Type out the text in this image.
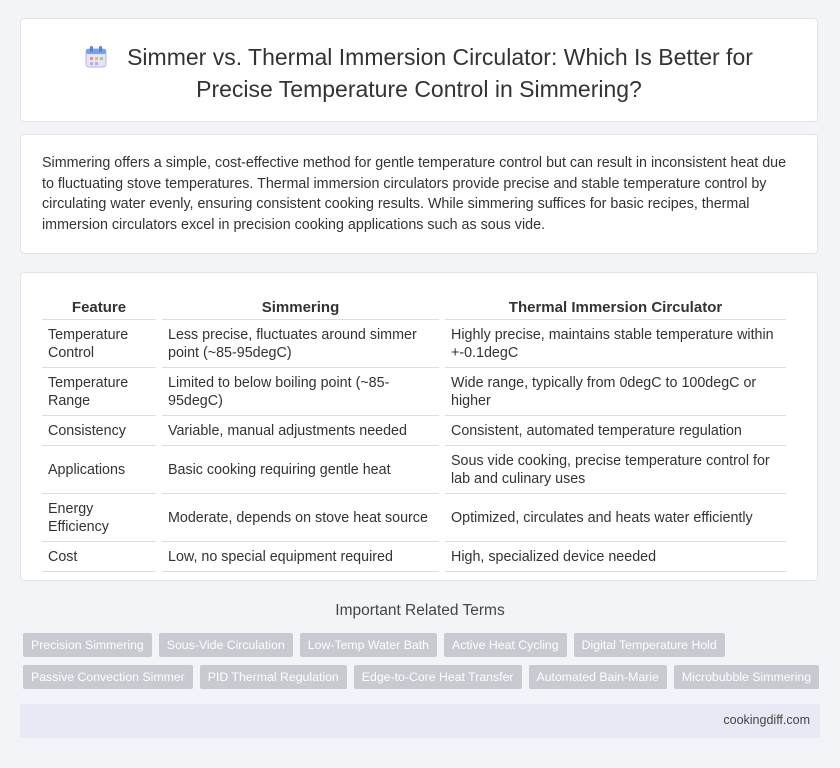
Simmer vs. Thermal Immersion Circulator: Which Is Better for
Precise Temperature Control in Simmering?
Simmering offers a simple, cost-effective method for gentle temperature control but can result in inconsistent heat due to fluctuating stove temperatures. Thermal immersion circulators provide precise and stable temperature control by circulating water evenly, ensuring consistent cooking results. While simmering suffices for basic recipes, thermal immersion circulators excel in precision cooking applications such as sous vide.
Feature	Simmering	Thermal Immersion Circulator
Temperature Control	Less precise, fluctuates around simmer point (~85-95degC)	Highly precise, maintains stable temperature within +-0.1degC
Temperature Range	Limited to below boiling point (~85-95degC)	Wide range, typically from 0degC to 100degC or higher
Consistency	Variable, manual adjustments needed	Consistent, automated temperature regulation
Applications	Basic cooking requiring gentle heat	Sous vide cooking, precise temperature control for lab and culinary uses
Energy Efficiency	Moderate, depends on stove heat source	Optimized, circulates and heats water efficiently
Cost	Low, no special equipment required	High, specialized device needed
Important Related Terms
Precision Simmering	Sous-Vide Circulation	Low-Temp Water Bath	Active Heat Cycling	Digital Temperature Hold
Passive Convection Simmer	PID Thermal Regulation	Edge-to-Core Heat Transfer	Automated Bain-Marie	Microbubble Simmering
cookingdiff.com
